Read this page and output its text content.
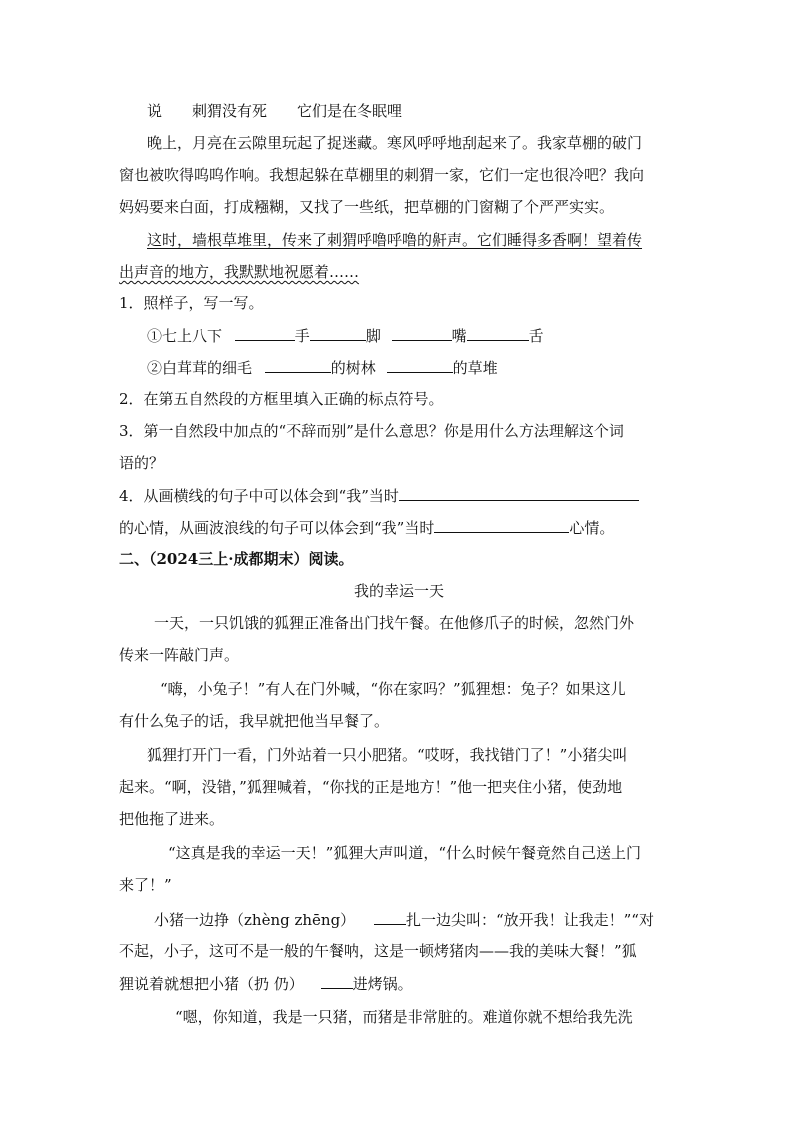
说 刺猬没有死 它们是在冬眠哩
晚上，月亮在云隙里玩起了捉迷藏。寒风呼呼地刮起来了。我家草棚的破门
窗也被吹得呜呜作响。我想起躲在草棚里的刺猬一家，它们一定也很冷吧？我向
妈妈要来白面，打成糨糊，又找了一些纸，把草棚的门窗糊了个严严实实。
这时，墙根草堆里，传来了刺猬呼噜呼噜的鼾声。它们睡得多香啊！望着传
出声音的地方，我默默地祝愿着……
1．照样子，写一写。
①七上八下	手	脚	嘴	舌
②白茸茸的细毛	的树林	的草堆
2．在第五自然段的方框里填入正确的标点符号。
3．第一自然段中加点的“不辞而别”是什么意思？你是用什么方法理解这个词
语的？
4．从画横线的句子中可以体会到“我”当时
的心情，从画波浪线的句子可以体会到“我”当时	心情。
二、（2024三上·成都期末）阅读。
我的幸运一天
一天，一只饥饿的狐狸正准备出门找午餐。在他修爪子的时候，忽然门外
传来一阵敲门声。
“嗨，小兔子！”有人在门外喊，“你在家吗？”狐狸想：兔子？如果这儿
有什么兔子的话，我早就把他当早餐了。
狐狸打开门一看，门外站着一只小肥猪。“哎呀，我找错门了！”小猪尖叫
起来。“啊，没错，”狐狸喊着，“你找的正是地方！”他一把夹住小猪，使劲地
把他拖了进来。
“这真是我的幸运一天！”狐狸大声叫道，“什么时候午餐竟然自己送上门
来了！”
小猪一边挣（zhèng zhēng）	扎一边尖叫：“放开我！让我走！”“对
不起，小子，这可不是一般的午餐呐，这是一顿烤猪肉——我的美味大餐！”狐
狸说着就想把小猪（扔 仍）	进烤锅。
“嗯，你知道，我是一只猪，而猪是非常脏的。难道你就不想给我先洗
